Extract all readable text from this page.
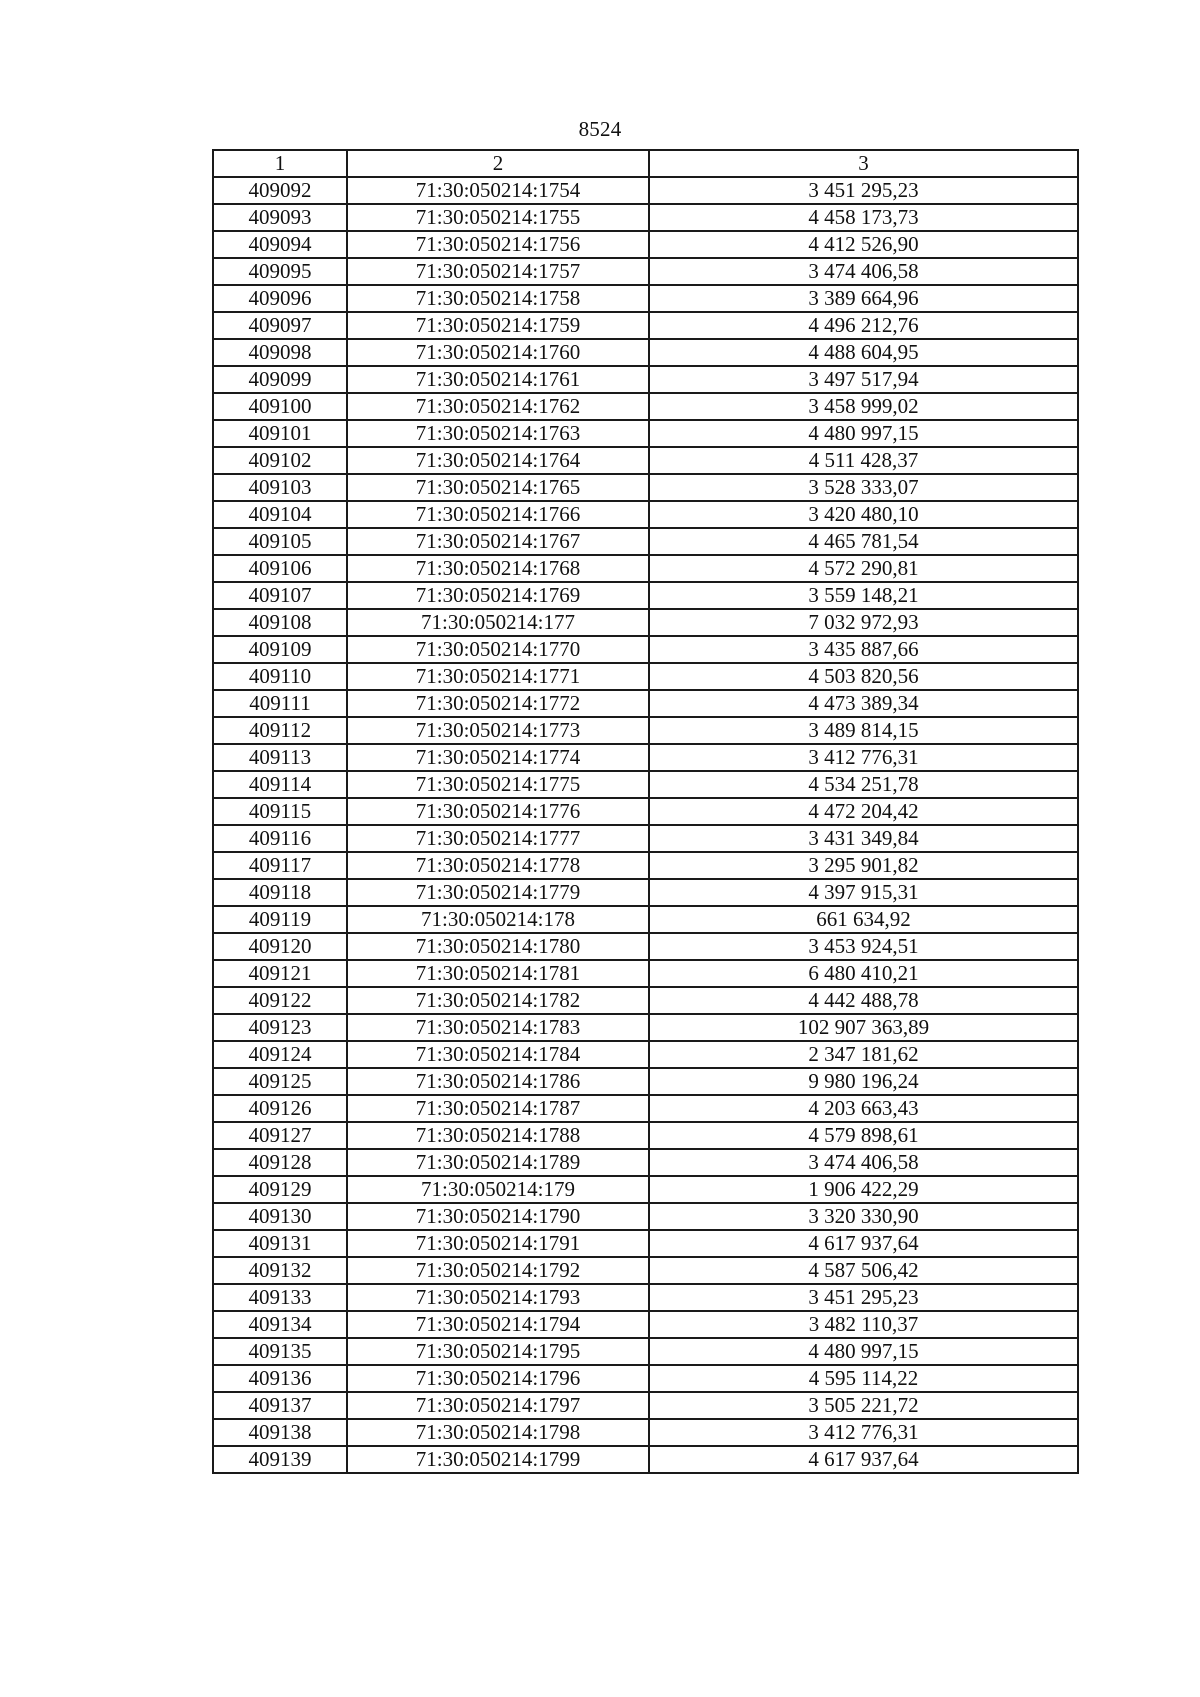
8524
1	2	3
409092	71:30:050214:1754	3 451 295,23
409093	71:30:050214:1755	4 458 173,73
409094	71:30:050214:1756	4 412 526,90
409095	71:30:050214:1757	3 474 406,58
409096	71:30:050214:1758	3 389 664,96
409097	71:30:050214:1759	4 496 212,76
409098	71:30:050214:1760	4 488 604,95
409099	71:30:050214:1761	3 497 517,94
409100	71:30:050214:1762	3 458 999,02
409101	71:30:050214:1763	4 480 997,15
409102	71:30:050214:1764	4 511 428,37
409103	71:30:050214:1765	3 528 333,07
409104	71:30:050214:1766	3 420 480,10
409105	71:30:050214:1767	4 465 781,54
409106	71:30:050214:1768	4 572 290,81
409107	71:30:050214:1769	3 559 148,21
409108	71:30:050214:177	7 032 972,93
409109	71:30:050214:1770	3 435 887,66
409110	71:30:050214:1771	4 503 820,56
409111	71:30:050214:1772	4 473 389,34
409112	71:30:050214:1773	3 489 814,15
409113	71:30:050214:1774	3 412 776,31
409114	71:30:050214:1775	4 534 251,78
409115	71:30:050214:1776	4 472 204,42
409116	71:30:050214:1777	3 431 349,84
409117	71:30:050214:1778	3 295 901,82
409118	71:30:050214:1779	4 397 915,31
409119	71:30:050214:178	661 634,92
409120	71:30:050214:1780	3 453 924,51
409121	71:30:050214:1781	6 480 410,21
409122	71:30:050214:1782	4 442 488,78
409123	71:30:050214:1783	102 907 363,89
409124	71:30:050214:1784	2 347 181,62
409125	71:30:050214:1786	9 980 196,24
409126	71:30:050214:1787	4 203 663,43
409127	71:30:050214:1788	4 579 898,61
409128	71:30:050214:1789	3 474 406,58
409129	71:30:050214:179	1 906 422,29
409130	71:30:050214:1790	3 320 330,90
409131	71:30:050214:1791	4 617 937,64
409132	71:30:050214:1792	4 587 506,42
409133	71:30:050214:1793	3 451 295,23
409134	71:30:050214:1794	3 482 110,37
409135	71:30:050214:1795	4 480 997,15
409136	71:30:050214:1796	4 595 114,22
409137	71:30:050214:1797	3 505 221,72
409138	71:30:050214:1798	3 412 776,31
409139	71:30:050214:1799	4 617 937,64
